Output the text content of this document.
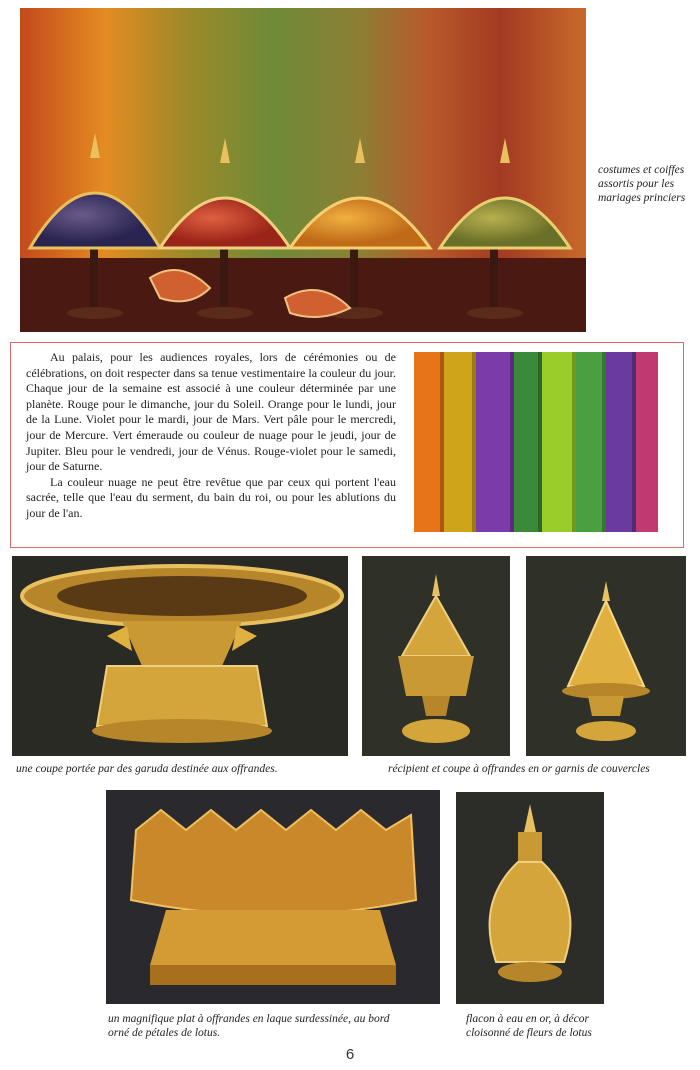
costumes et coiffes assortis pour les mariages princiers

Au palais, pour les audiences royales, lors de cérémonies ou de célébrations, on doit respecter dans sa tenue vestimentaire la couleur du jour. Chaque jour de la semaine est associé à une couleur déterminée par une planète. Rouge pour le dimanche, jour du Soleil. Orange pour le lundi, jour de la Lune. Violet pour le mardi, jour de Mars. Vert pâle pour le mercredi, jour de Mercure. Vert émeraude ou couleur de nuage pour le jeudi, jour de Jupiter. Bleu pour le vendredi, jour de Vénus. Rouge-violet pour le samedi, jour de Saturne.

La couleur nuage ne peut être revêtue que par ceux qui portent l'eau sacrée, telle que l'eau du serment, du bain du roi, ou pour les ablutions du jour de l'an.

une coupe portée par des garuda destinée aux offrandes.	récipient et coupe à offrandes en or garnis de couvercles
un magnifique plat à offrandes en laque surdessinée, au bord orné de pétales de lotus.
flacon à eau en or, à décor cloisonné de fleurs de lotus
6
